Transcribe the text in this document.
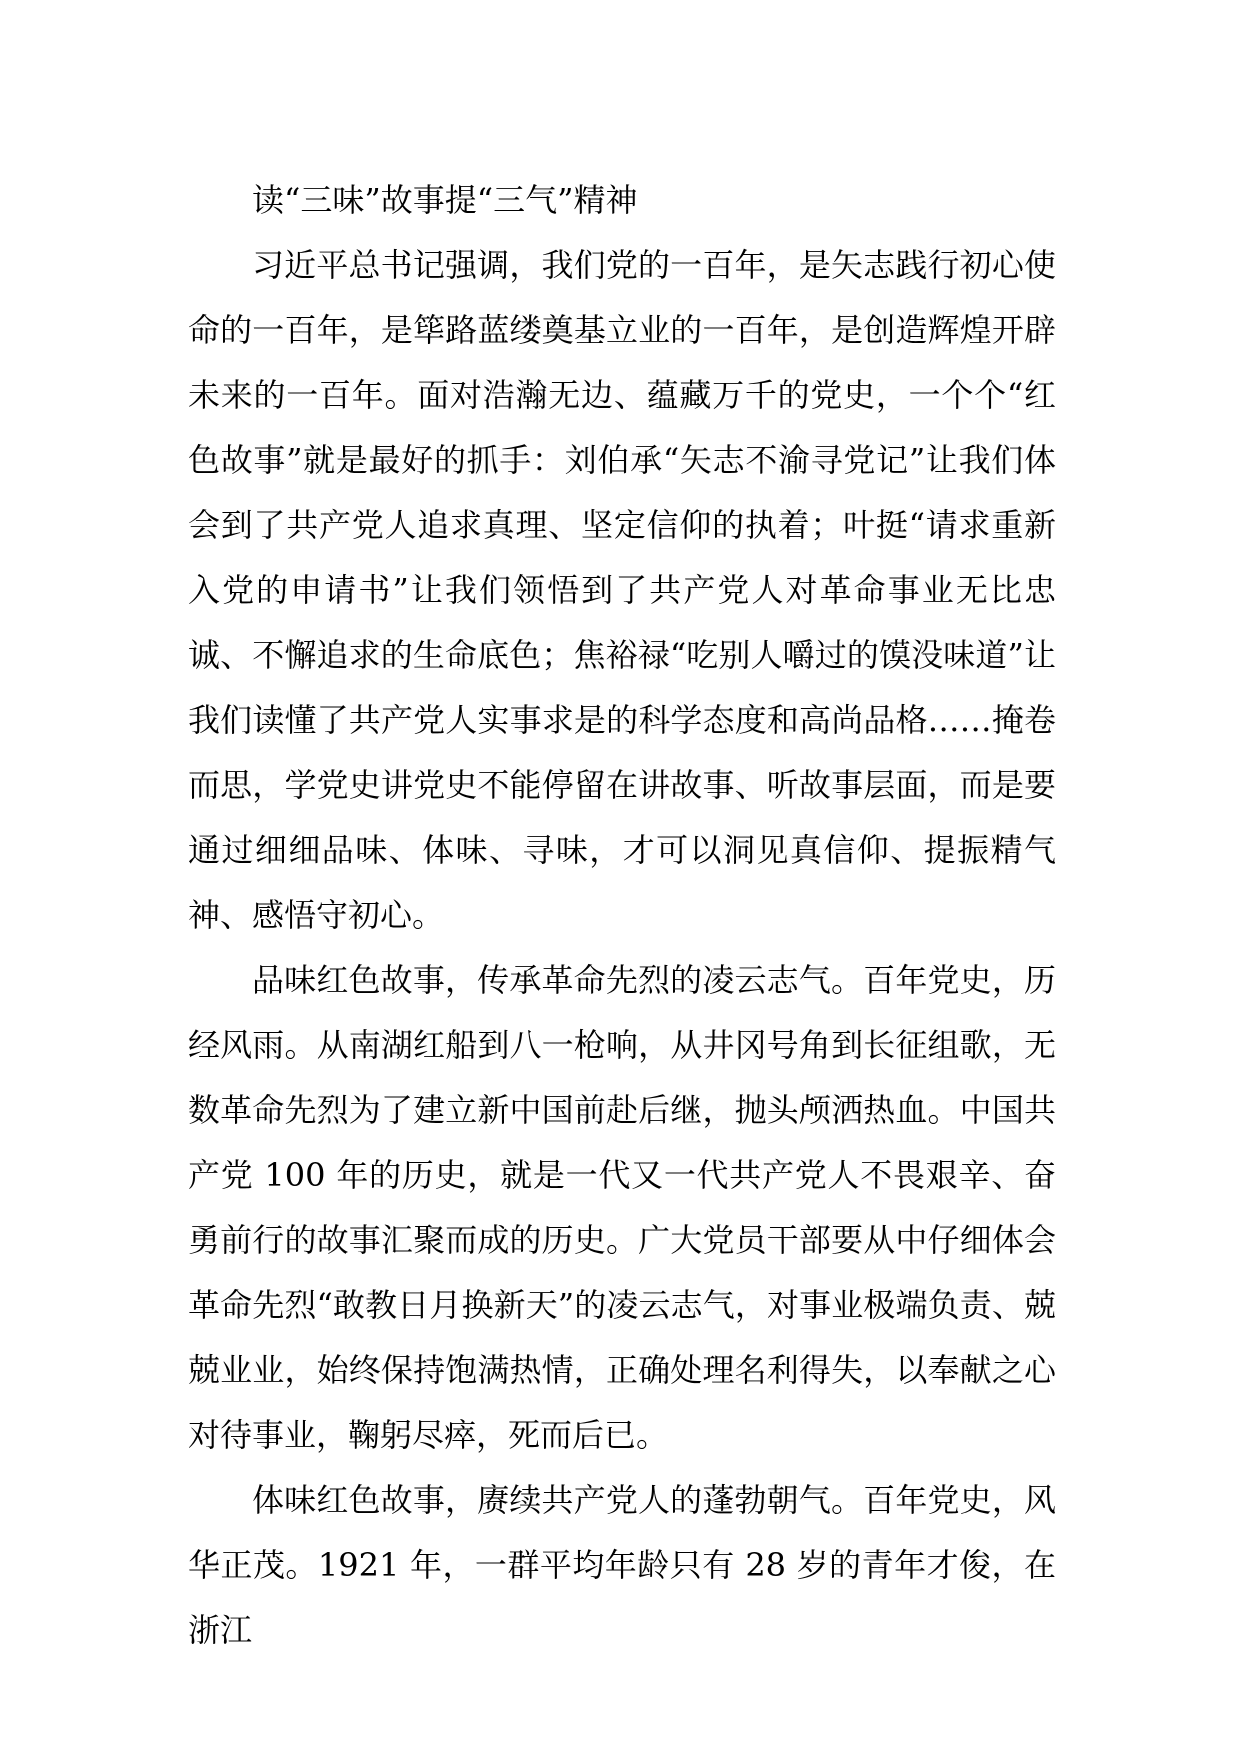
读“三味”故事提“三气”精神

习近平总书记强调，我们党的一百年，是矢志践行初心使命的一百年，是筚路蓝缕奠基立业的一百年，是创造辉煌开辟未来的一百年。面对浩瀚无边、蕴藏万千的党史，一个个“红色故事”就是最好的抓手：刘伯承“矢志不渝寻党记”让我们体会到了共产党人追求真理、坚定信仰的执着；叶挺“请求重新入党的申请书”让我们领悟到了共产党人对革命事业无比忠诚、不懈追求的生命底色；焦裕禄“吃别人嚼过的馍没味道”让我们读懂了共产党人实事求是的科学态度和高尚品格……掩卷而思，学党史讲党史不能停留在讲故事、听故事层面，而是要通过细细品味、体味、寻味，才可以洞见真信仰、提振精气神、感悟守初心。

品味红色故事，传承革命先烈的凌云志气。百年党史，历经风雨。从南湖红船到八一枪响，从井冈号角到长征组歌，无数革命先烈为了建立新中国前赴后继，抛头颅洒热血。中国共产党 100 年的历史，就是一代又一代共产党人不畏艰辛、奋勇前行的故事汇聚而成的历史。广大党员干部要从中仔细体会革命先烈“敢教日月换新天”的凌云志气，对事业极端负责、兢兢业业，始终保持饱满热情，正确处理名利得失，以奉献之心对待事业，鞠躬尽瘁，死而后已。

体味红色故事，赓续共产党人的蓬勃朝气。百年党史，风华正茂。1921 年，一群平均年龄只有 28 岁的青年才俊，在浙江
